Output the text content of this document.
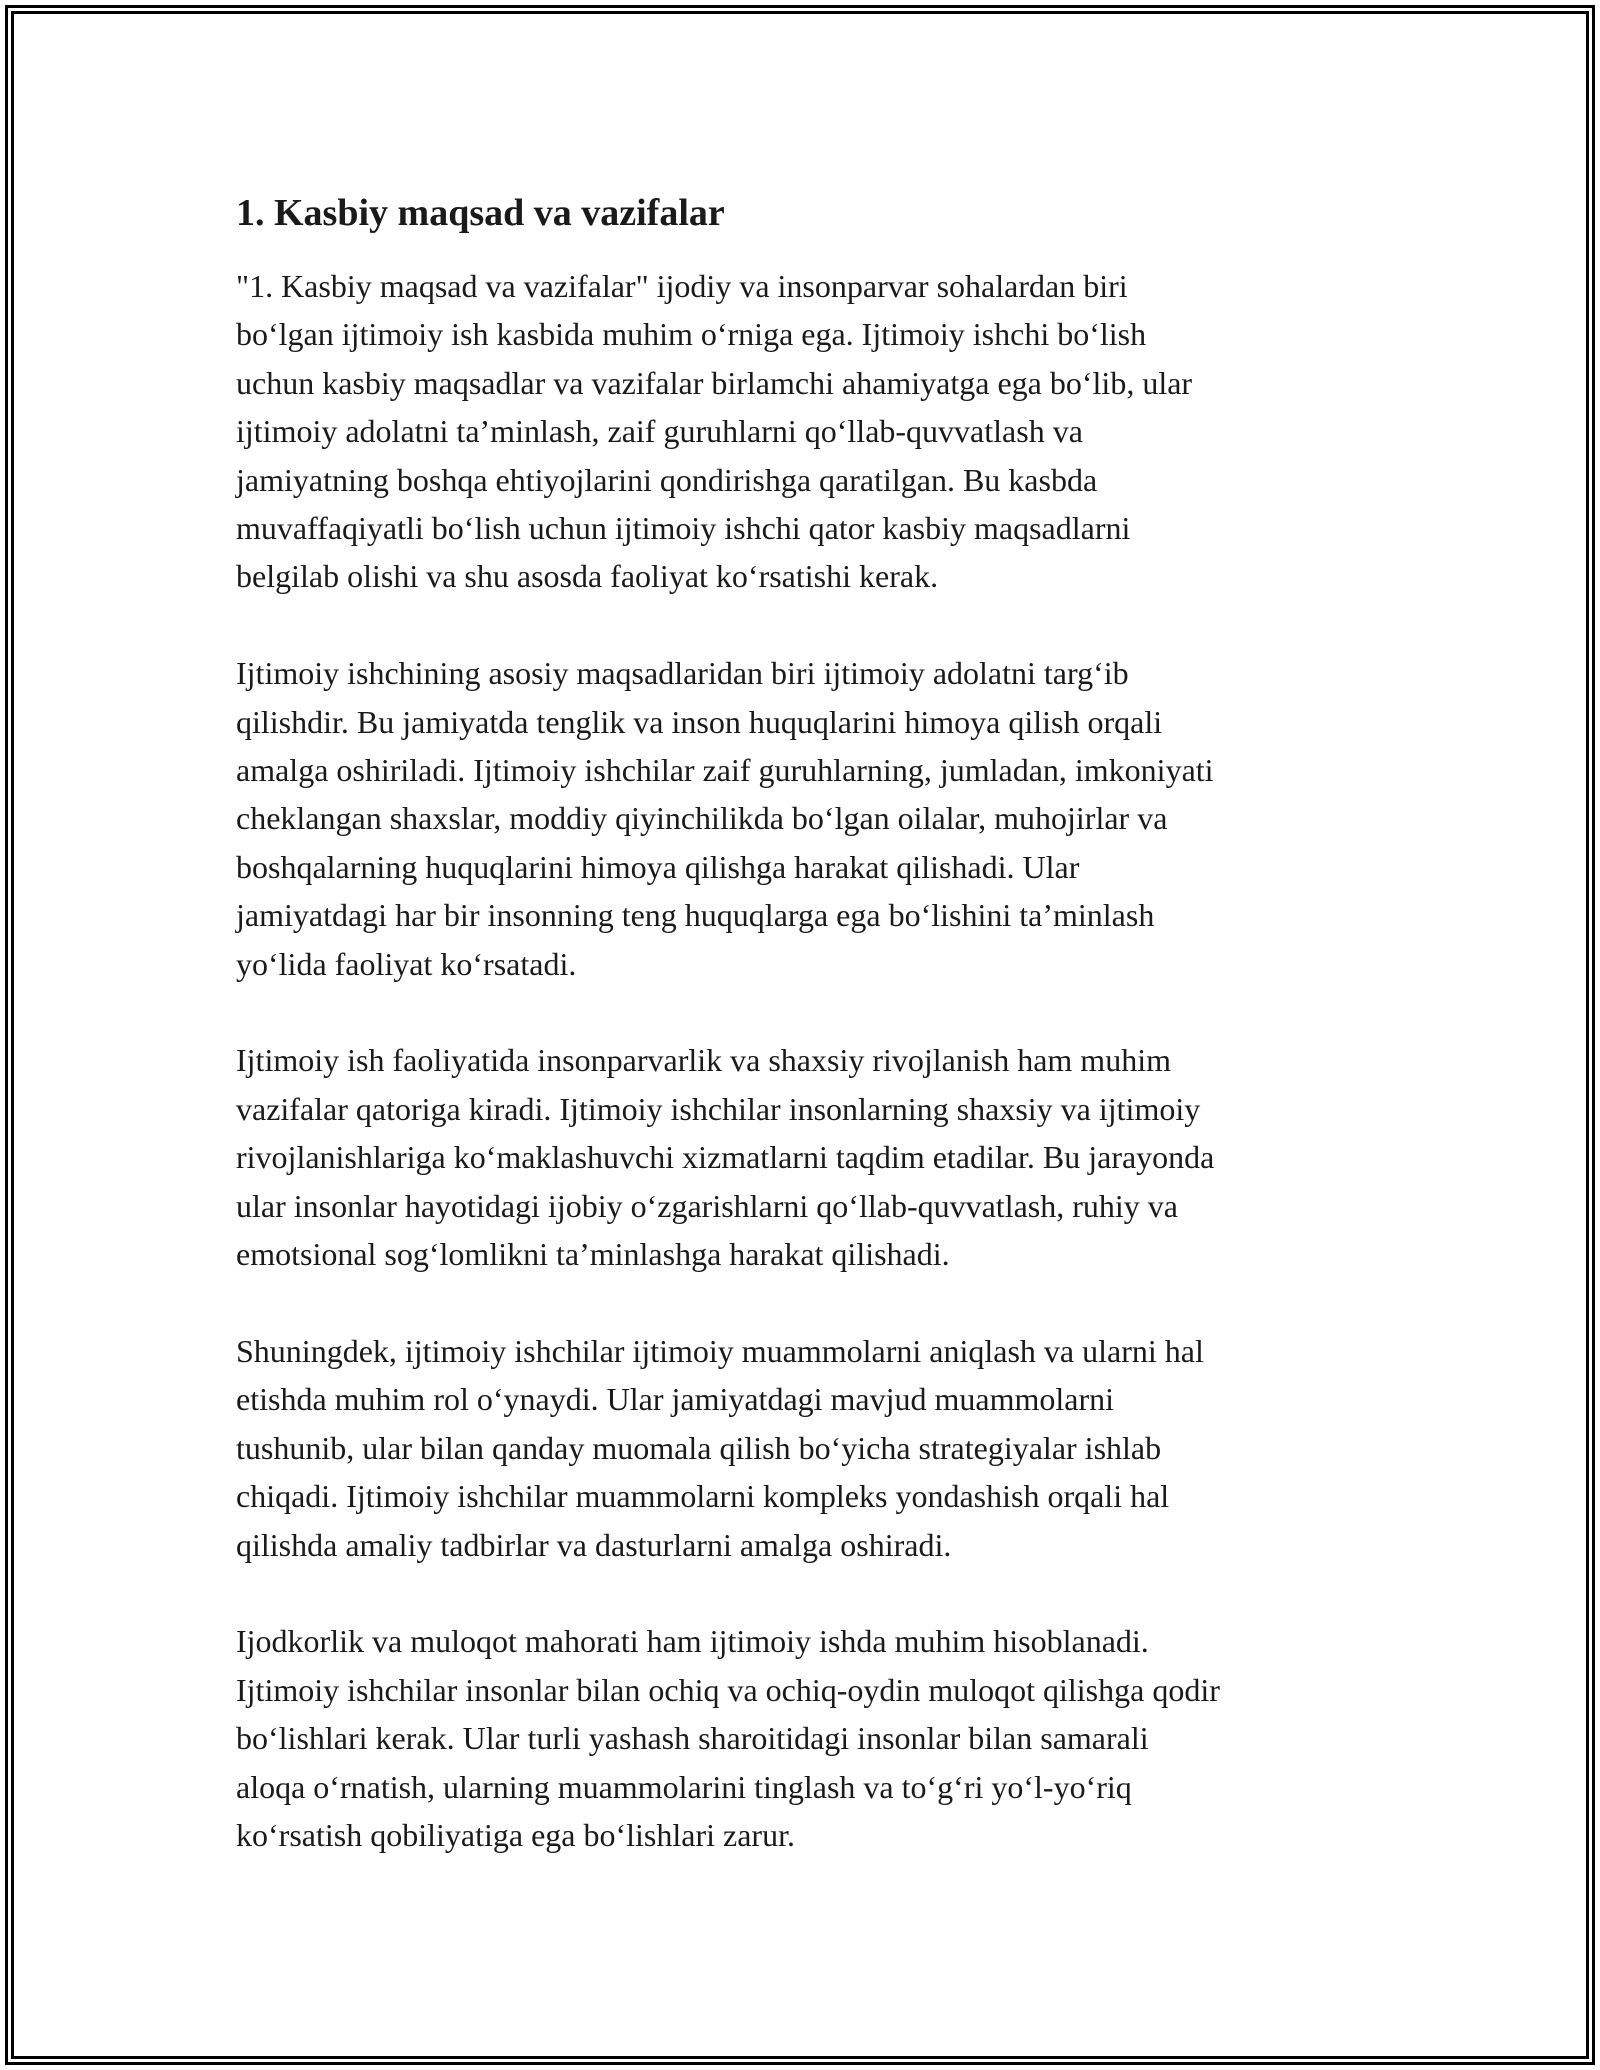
1. Kasbiy maqsad va vazifalar

"1. Kasbiy maqsad va vazifalar" ijodiy va insonparvar sohalardan biri
bo‘lgan ijtimoiy ish kasbida muhim o‘rniga ega. Ijtimoiy ishchi bo‘lish
uchun kasbiy maqsadlar va vazifalar birlamchi ahamiyatga ega bo‘lib, ular
ijtimoiy adolatni ta’minlash, zaif guruhlarni qo‘llab-quvvatlash va
jamiyatning boshqa ehtiyojlarini qondirishga qaratilgan. Bu kasbda
muvaffaqiyatli bo‘lish uchun ijtimoiy ishchi qator kasbiy maqsadlarni
belgilab olishi va shu asosda faoliyat ko‘rsatishi kerak.

Ijtimoiy ishchining asosiy maqsadlaridan biri ijtimoiy adolatni targ‘ib
qilishdir. Bu jamiyatda tenglik va inson huquqlarini himoya qilish orqali
amalga oshiriladi. Ijtimoiy ishchilar zaif guruhlarning, jumladan, imkoniyati
cheklangan shaxslar, moddiy qiyinchilikda bo‘lgan oilalar, muhojirlar va
boshqalarning huquqlarini himoya qilishga harakat qilishadi. Ular
jamiyatdagi har bir insonning teng huquqlarga ega bo‘lishini ta’minlash
yo‘lida faoliyat ko‘rsatadi.

Ijtimoiy ish faoliyatida insonparvarlik va shaxsiy rivojlanish ham muhim
vazifalar qatoriga kiradi. Ijtimoiy ishchilar insonlarning shaxsiy va ijtimoiy
rivojlanishlariga ko‘maklashuvchi xizmatlarni taqdim etadilar. Bu jarayonda
ular insonlar hayotidagi ijobiy o‘zgarishlarni qo‘llab-quvvatlash, ruhiy va
emotsional sog‘lomlikni ta’minlashga harakat qilishadi.

Shuningdek, ijtimoiy ishchilar ijtimoiy muammolarni aniqlash va ularni hal
etishda muhim rol o‘ynaydi. Ular jamiyatdagi mavjud muammolarni
tushunib, ular bilan qanday muomala qilish bo‘yicha strategiyalar ishlab
chiqadi. Ijtimoiy ishchilar muammolarni kompleks yondashish orqali hal
qilishda amaliy tadbirlar va dasturlarni amalga oshiradi.

Ijodkorlik va muloqot mahorati ham ijtimoiy ishda muhim hisoblanadi.
Ijtimoiy ishchilar insonlar bilan ochiq va ochiq-oydin muloqot qilishga qodir
bo‘lishlari kerak. Ular turli yashash sharoitidagi insonlar bilan samarali
aloqa o‘rnatish, ularning muammolarini tinglash va to‘g‘ri yo‘l-yo‘riq
ko‘rsatish qobiliyatiga ega bo‘lishlari zarur.
